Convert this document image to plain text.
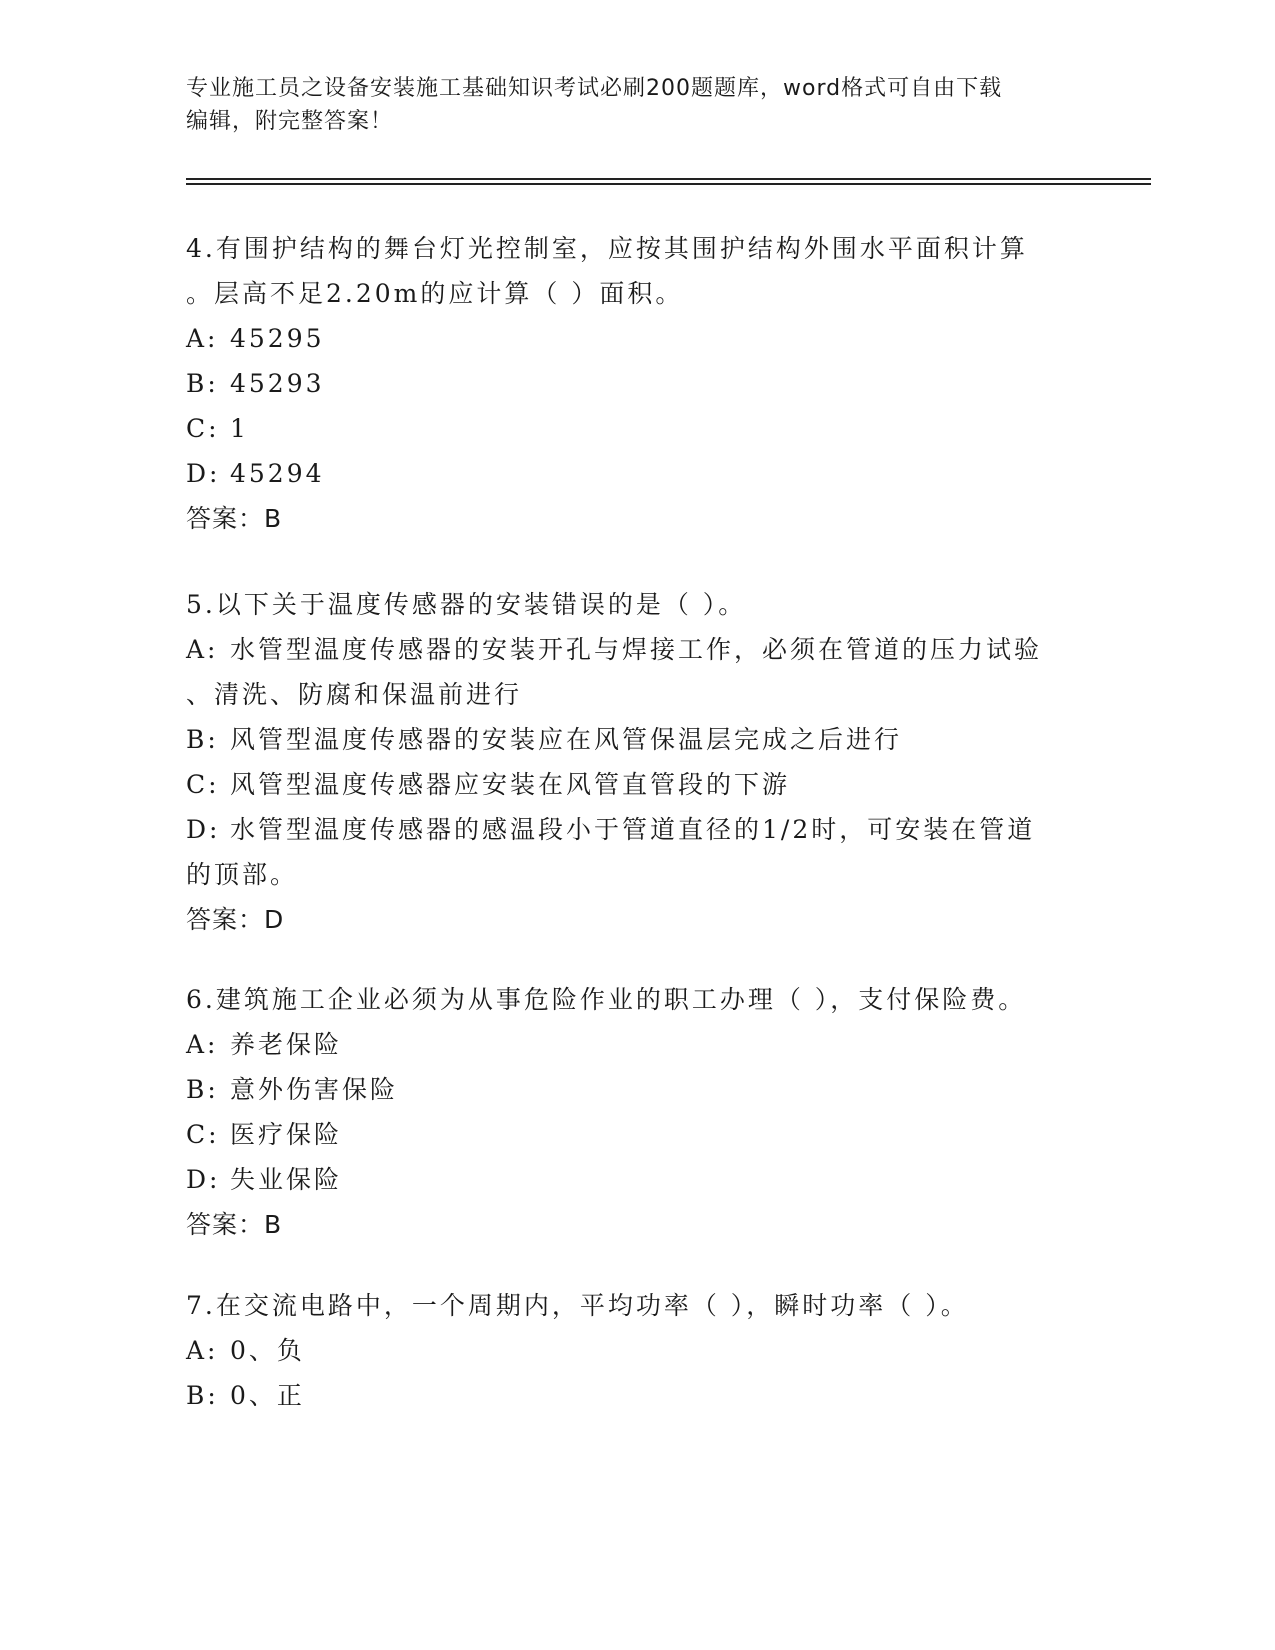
专业施工员之设备安装施工基础知识考试必刷200题题库，word格式可自由下载
编辑，附完整答案！
4.有围护结构的舞台灯光控制室，应按其围护结构外围水平面积计算
。层高不足2.20m的应计算（ ）面积。
A: 45295
B: 45293
C: 1
D: 45294
答案：B
5.以下关于温度传感器的安装错误的是（ ）。
A: 水管型温度传感器的安装开孔与焊接工作，必须在管道的压力试验
、清洗、防腐和保温前进行
B: 风管型温度传感器的安装应在风管保温层完成之后进行
C: 风管型温度传感器应安装在风管直管段的下游
D: 水管型温度传感器的感温段小于管道直径的1/2时，可安装在管道
的顶部。
答案：D
6.建筑施工企业必须为从事危险作业的职工办理（ ），支付保险费。
A: 养老保险
B: 意外伤害保险
C: 医疗保险
D: 失业保险
答案：B
7.在交流电路中，一个周期内，平均功率（ ），瞬时功率（ ）。
A: 0、负
B: 0、正
